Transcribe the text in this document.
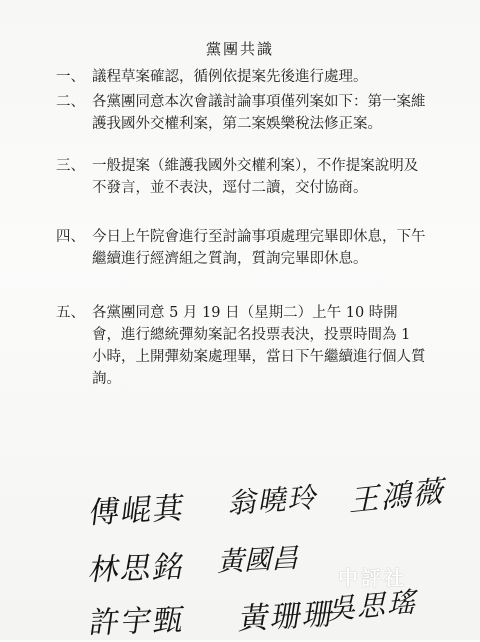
黨團共識
一、 議程草案確認，循例依提案先後進行處理。
二、 各黨團同意本次會議討論事項僅列案如下：第一案維護我國外交權利案，第二案娛樂稅法修正案。
三、 一般提案（維護我國外交權利案），不作提案說明及不發言，並不表決，逕付二讀，交付協商。
四、 今日上午院會進行至討論事項處理完畢即休息，下午繼續進行經濟組之質詢，質詢完畢即休息。
五、 各黨團同意 5 月 19 日（星期二）上午 10 時開會，進行總統彈劾案記名投票表決，投票時間為 1 小時，上開彈劾案處理畢，當日下午繼續進行個人質詢。
傅崐萁 翁曉玲 王鴻薇
林思銘 黃國昌
許宇甄 黃珊珊
吳思瑤
中評社
